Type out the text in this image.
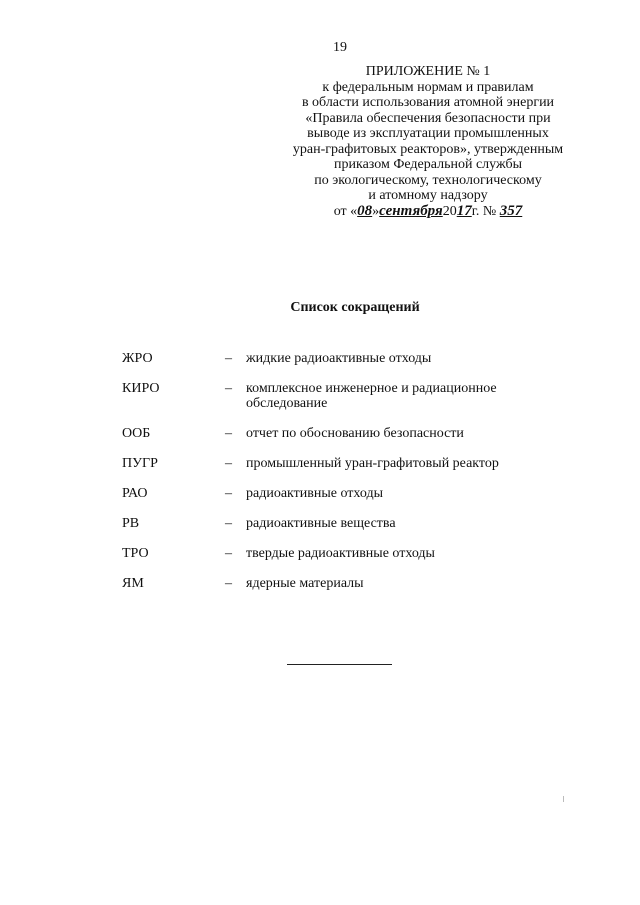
19
ПРИЛОЖЕНИЕ № 1
к федеральным нормам и правилам
в области использования атомной энергии
«Правила обеспечения безопасности при
выводе из эксплуатации промышленных
уран-графитовых реакторов», утвержденным
приказом Федеральной службы
по экологическому, технологическому
и атомному надзору
от «08»сентября2017г. № 357
Список сокращений
ЖРО	– жидкие радиоактивные отходы
КИРО	– комплексное инженерное и радиационное обследование
ООБ	– отчет по обоснованию безопасности
ПУГР	– промышленный уран-графитовый реактор
РАО	– радиоактивные отходы
РВ	– радиоактивные вещества
ТРО	– твердые радиоактивные отходы
ЯМ	– ядерные материалы
